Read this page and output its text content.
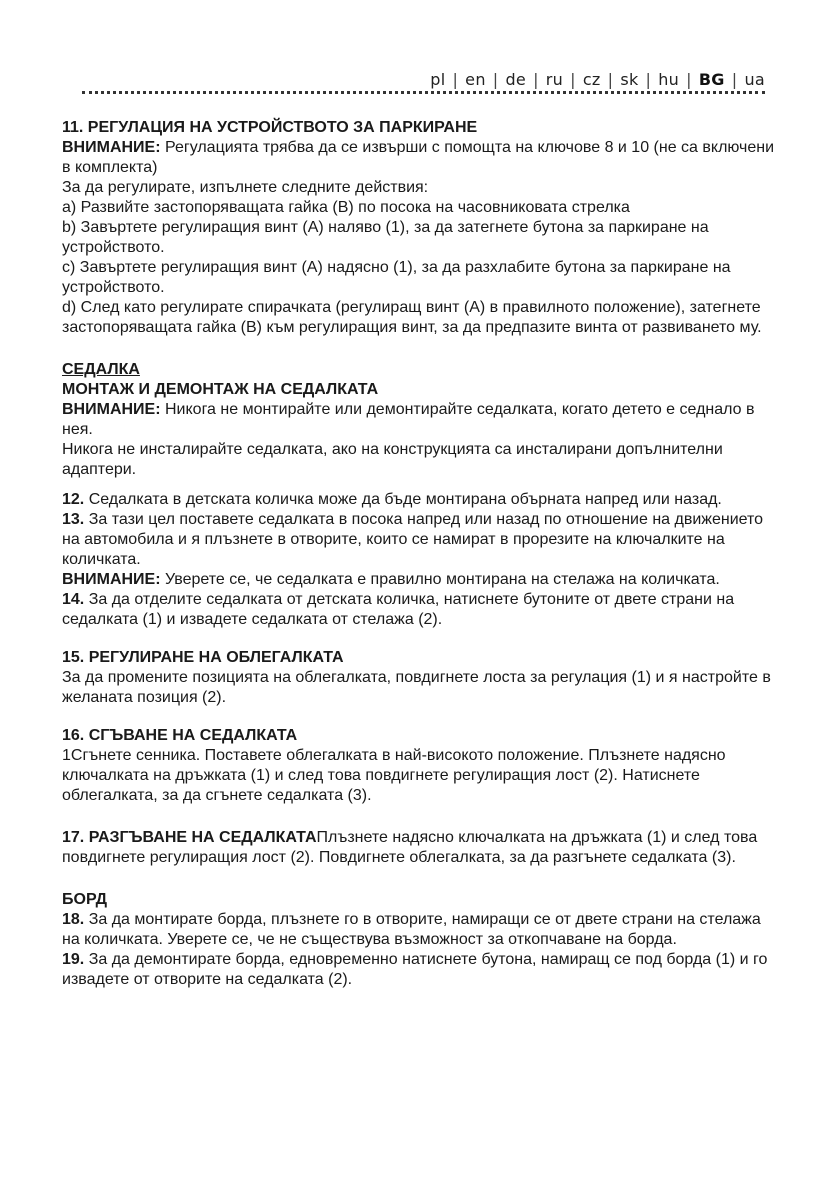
pl | en | de | ru | cz | sk | hu | BG | ua

11. РЕГУЛАЦИЯ НА УСТРОЙСТВОТО ЗА ПАРКИРАНЕ

ВНИМАНИЕ: Регулацията трябва да се извърши с помощта на ключове 8 и 10 (не са включени в комплекта)

За да регулирате, изпълнете следните действия:

a) Развийте застопоряващата гайка (B) по посока на часовниковата стрелка

b) Завъртете регулиращия винт (A) наляво (1), за да затегнете бутона за паркиране на устройството.

c) Завъртете регулиращия винт (A) надясно (1), за да разхлабите бутона за паркиране на устройството.

d) След като регулирате спирачката (регулиращ винт (A) в правилното положение), затегнете застопоряващата гайка (B) към регулиращия винт, за да предпазите винта от развиването му.

СЕДАЛКА

МОНТАЖ И ДЕМОНТАЖ НА СЕДАЛКАТА

ВНИМАНИЕ: Никога не монтирайте или демонтирайте седалката, когато детето е седнало в нея.

Никога не инсталирайте седалката, ако на конструкцията са инсталирани допълнителни адаптери.

12. Седалката в детската количка може да бъде монтирана обърната напред или назад.

13. За тази цел поставете седалката в посока напред или назад по отношение на движението на автомобила и я плъзнете в отворите, които се намират в прорезите на ключалките на количката.

ВНИМАНИЕ: Уверете се, че седалката е правилно монтирана на стелажа на количката.

14. За да отделите седалката от детската количка, натиснете бутоните от двете страни на седалката (1) и извадете седалката от стелажа (2).

15. РЕГУЛИРАНЕ НА ОБЛЕГАЛКАТА

За да промените позицията на облегалката, повдигнете лоста за регулация (1) и я настройте в желаната позиция (2).

16. СГЪВАНЕ НА СЕДАЛКАТА

1Сгънете сенника. Поставете облегалката в най-високото положение. Плъзнете надясно ключалката на дръжката (1) и след това повдигнете регулиращия лост (2). Натиснете облегалката, за да сгънете седалката (3).

17. РАЗГЪВАНЕ НА СЕДАЛКАТАПлъзнете надясно ключалката на дръжката (1) и след това повдигнете регулиращия лост (2). Повдигнете облегалката, за да разгънете седалката (3).

БОРД

18. За да монтирате борда, плъзнете го в отворите, намиращи се от двете страни на стелажа на количката. Уверете се, че не съществува възможност за откопчаване на борда.

19. За да демонтирате борда, едновременно натиснете бутона, намиращ се под борда (1) и го извадете от отворите на седалката (2).
